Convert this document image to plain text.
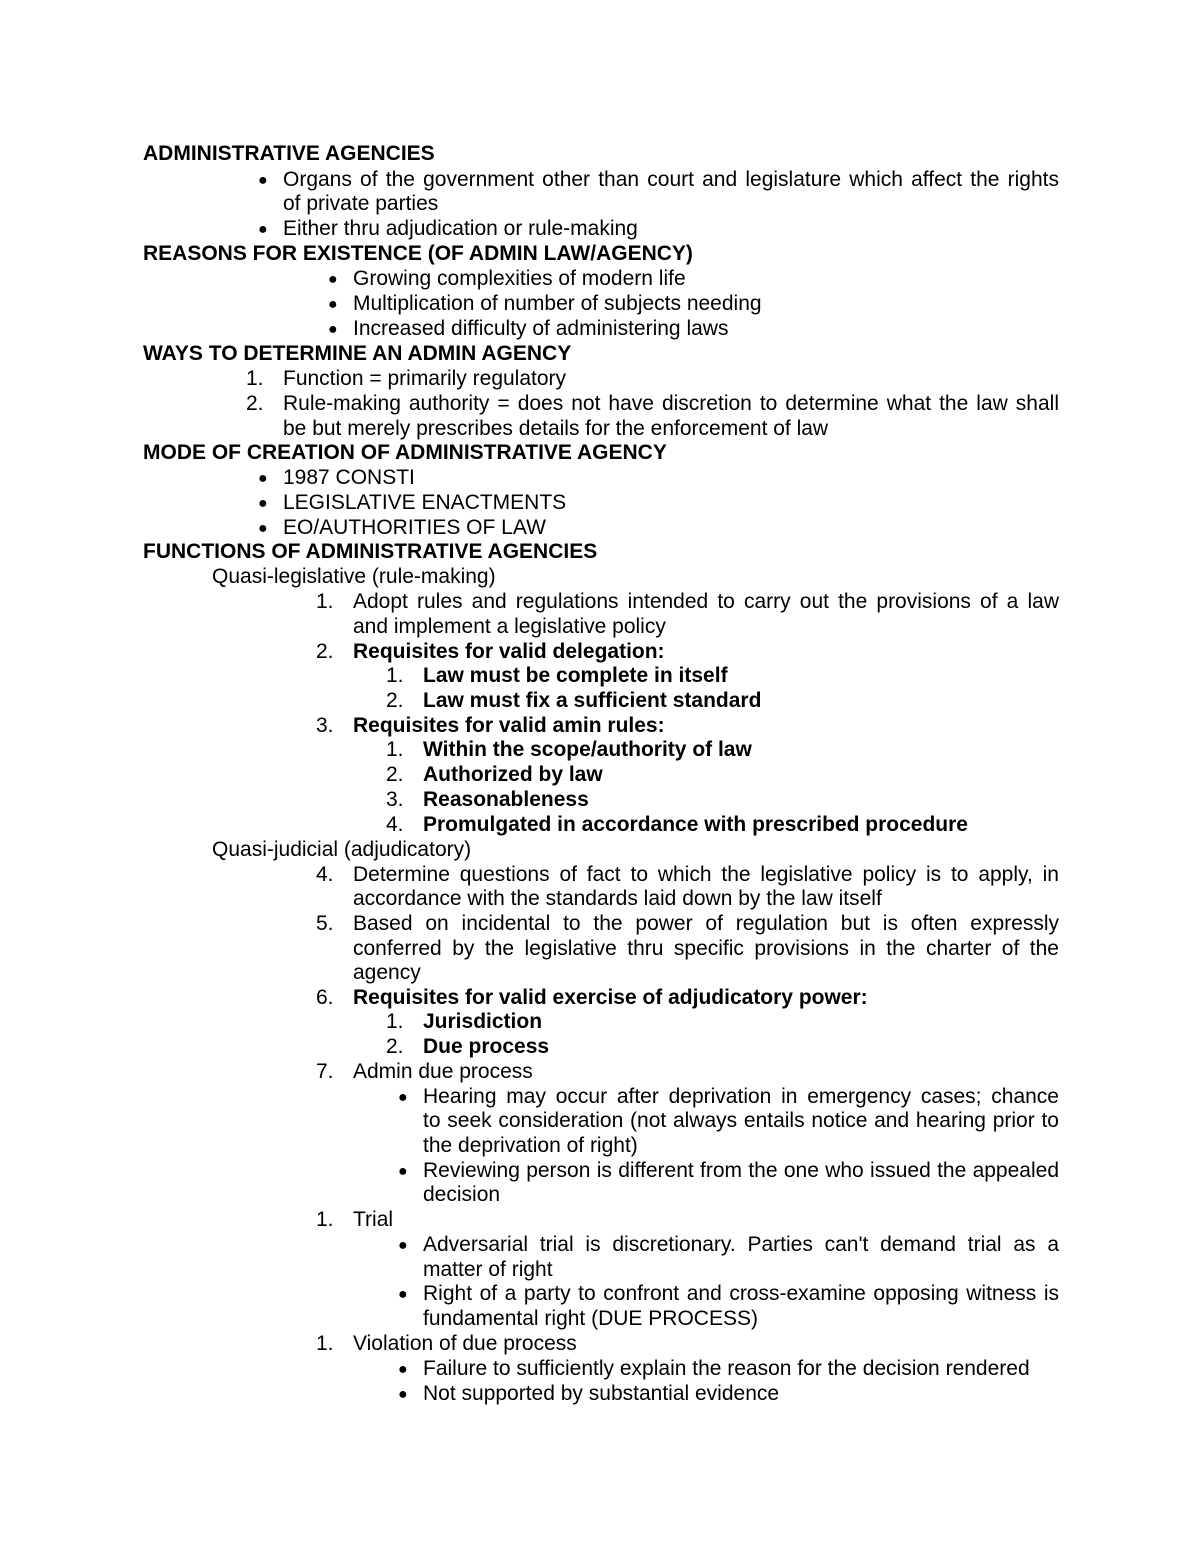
ADMINISTRATIVE AGENCIES
● Organs of the government other than court and legislature which affect the rights
of private parties
● Either thru adjudication or rule-making
REASONS FOR EXISTENCE (OF ADMIN LAW/AGENCY)
● Growing complexities of modern life
● Multiplication of number of subjects needing
● Increased difficulty of administering laws
WAYS TO DETERMINE AN ADMIN AGENCY
1. Function = primarily regulatory
2. Rule-making authority = does not have discretion to determine what the law shall
be but merely prescribes details for the enforcement of law
MODE OF CREATION OF ADMINISTRATIVE AGENCY
● 1987 CONSTI
● LEGISLATIVE ENACTMENTS
● EO/AUTHORITIES OF LAW
FUNCTIONS OF ADMINISTRATIVE AGENCIES
Quasi-legislative (rule-making)
1. Adopt rules and regulations intended to carry out the provisions of a law
and implement a legislative policy
2. Requisites for valid delegation:
1. Law must be complete in itself
2. Law must fix a sufficient standard
3. Requisites for valid amin rules:
1. Within the scope/authority of law
2. Authorized by law
3. Reasonableness
4. Promulgated in accordance with prescribed procedure
Quasi-judicial (adjudicatory)
4. Determine questions of fact to which the legislative policy is to apply, in
accordance with the standards laid down by the law itself
5. Based on incidental to the power of regulation but is often expressly
conferred by the legislative thru specific provisions in the charter of the
agency
6. Requisites for valid exercise of adjudicatory power:
1. Jurisdiction
2. Due process
7. Admin due process
● Hearing may occur after deprivation in emergency cases; chance
to seek consideration (not always entails notice and hearing prior to
the deprivation of right)
● Reviewing person is different from the one who issued the appealed
decision
1. Trial
● Adversarial trial is discretionary. Parties can't demand trial as a
matter of right
● Right of a party to confront and cross-examine opposing witness is
fundamental right (DUE PROCESS)
1. Violation of due process
● Failure to sufficiently explain the reason for the decision rendered
● Not supported by substantial evidence
